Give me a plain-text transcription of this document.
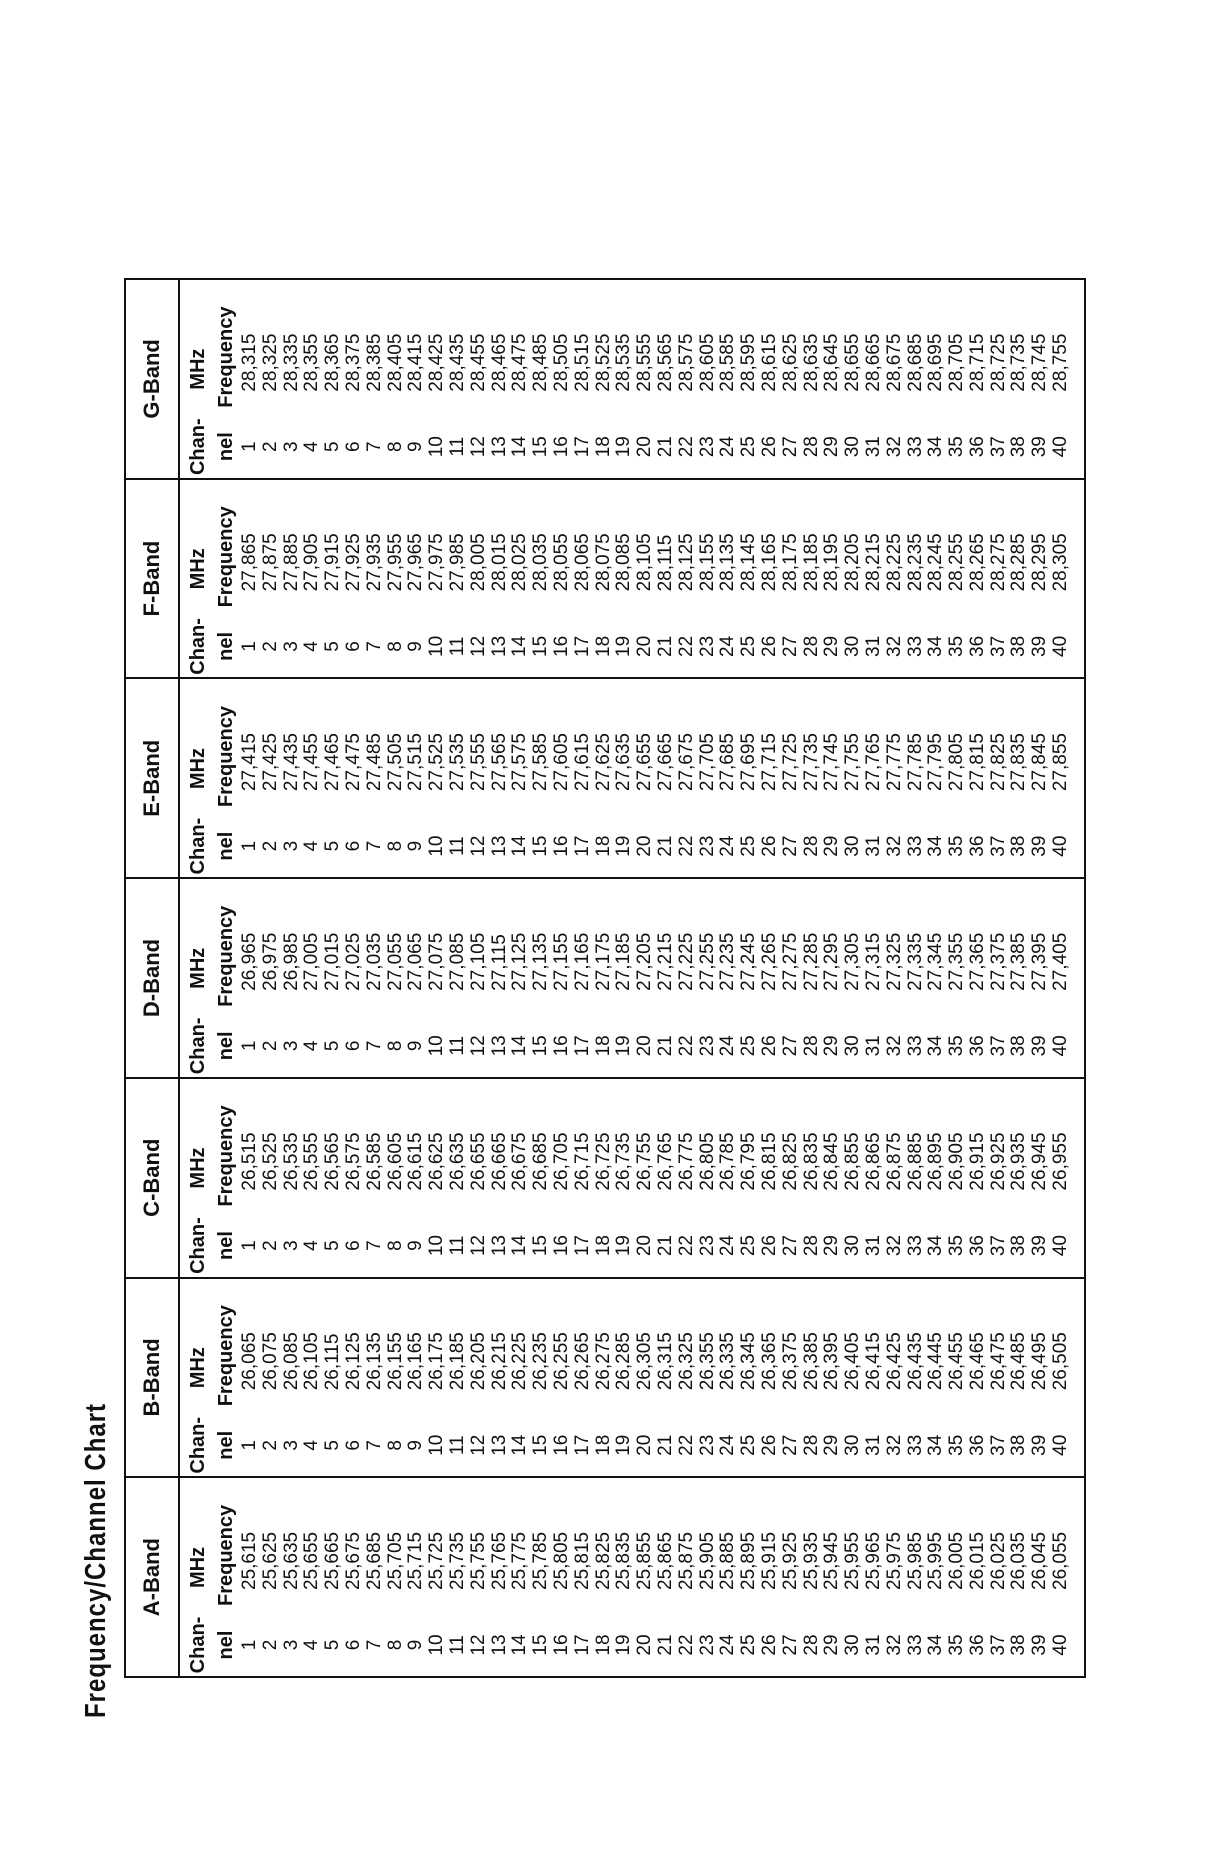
Frequency/Channel Chart	A-Band
Chan- nel 1 2 3 4 5 6 7 8 9 10 11 12 13 14 15 16 17 18 19 20 21 22 23 24 25 26 27 28 29 30 31 32 33 34 35 36 37 38 39 40
MHz Frequency 25,615 25,625 25,635 25,655 25,665 25,675 25,685 25,705 25,715 25,725 25,735 25,755 25,765 25,775 25,785 25,805 25,815 25,825 25,835 25,855 25,865 25,875 25,905 25,885 25,895 25,915 25,925 25,935 25,945 25,955 25,965 25,975 25,985 25,995 26,005 26,015 26,025 26,035 26,045 26,055
B-Band
Chan- nel 1 2 3 4 5 6 7 8 9 10 11 12 13 14 15 16 17 18 19 20 21 22 23 24 25 26 27 28 29 30 31 32 33 34 35 36 37 38 39 40
MHz Frequency 26,065 26,075 26,085 26,105 26,115 26,125 26,135 26,155 26,165 26,175 26,185 26,205 26,215 26,225 26,235 26,255 26,265 26,275 26,285 26,305 26,315 26,325 26,355 26,335 26,345 26,365 26,375 26,385 26,395 26,405 26,415 26,425 26,435 26,445 26,455 26,465 26,475 26,485 26,495 26,505
C-Band
Chan- nel 1 2 3 4 5 6 7 8 9 10 11 12 13 14 15 16 17 18 19 20 21 22 23 24 25 26 27 28 29 30 31 32 33 34 35 36 37 38 39 40
MHz Frequency 26,515 26,525 26,535 26,555 26,565 26,575 26,585 26,605 26,615 26,625 26,635 26,655 26,665 26,675 26,685 26,705 26,715 26,725 26,735 26,755 26,765 26,775 26,805 26,785 26,795 26,815 26,825 26,835 26,845 26,855 26,865 26,875 26,885 26,895 26,905 26,915 26,925 26,935 26,945 26,955
D-Band
Chan- nel 1 2 3 4 5 6 7 8 9 10 11 12 13 14 15 16 17 18 19 20 21 22 23 24 25 26 27 28 29 30 31 32 33 34 35 36 37 38 39 40
MHz Frequency 26,965 26,975 26,985 27,005 27,015 27,025 27,035 27,055 27,065 27,075 27,085 27,105 27,115 27,125 27,135 27,155 27,165 27,175 27,185 27,205 27,215 27,225 27,255 27,235 27,245 27,265 27,275 27,285 27,295 27,305 27,315 27,325 27,335 27,345 27,355 27,365 27,375 27,385 27,395 27,405
E-Band
Chan- nel 1 2 3 4 5 6 7 8 9 10 11 12 13 14 15 16 17 18 19 20 21 22 23 24 25 26 27 28 29 30 31 32 33 34 35 36 37 38 39 40
MHz Frequency 27,415 27,425 27,435 27,455 27,465 27,475 27,485 27,505 27,515 27,525 27,535 27,555 27,565 27,575 27,585 27,605 27,615 27,625 27,635 27,655 27,665 27,675 27,705 27,685 27,695 27,715 27,725 27,735 27,745 27,755 27,765 27,775 27,785 27,795 27,805 27,815 27,825 27,835 27,845 27,855
F-Band
Chan- nel 1 2 3 4 5 6 7 8 9 10 11 12 13 14 15 16 17 18 19 20 21 22 23 24 25 26 27 28 29 30 31 32 33 34 35 36 37 38 39 40
MHz Frequency 27,865 27,875 27,885 27,905 27,915 27,925 27,935 27,955 27,965 27,975 27,985 28,005 28,015 28,025 28,035 28,055 28,065 28,075 28,085 28,105 28,115 28,125 28,155 28,135 28,145 28,165 28,175 28,185 28,195 28,205 28,215 28,225 28,235 28,245 28,255 28,265 28,275 28,285 28,295 28,305
G-Band
Chan- nel 1 2 3 4 5 6 7 8 9 10 11 12 13 14 15 16 17 18 19 20 21 22 23 24 25 26 27 28 29 30 31 32 33 34 35 36 37 38 39 40
MHz Frequency 28,315 28,325 28,335 28,355 28,365 28,375 28,385 28,405 28,415 28,425 28,435 28,455 28,465 28,475 28,485 28,505 28,515 28,525 28,535 28,555 28,565 28,575 28,605 28,585 28,595 28,615 28,625 28,635 28,645 28,655 28,665 28,675 28,685 28,695 28,705 28,715 28,725 28,735 28,745 28,755
